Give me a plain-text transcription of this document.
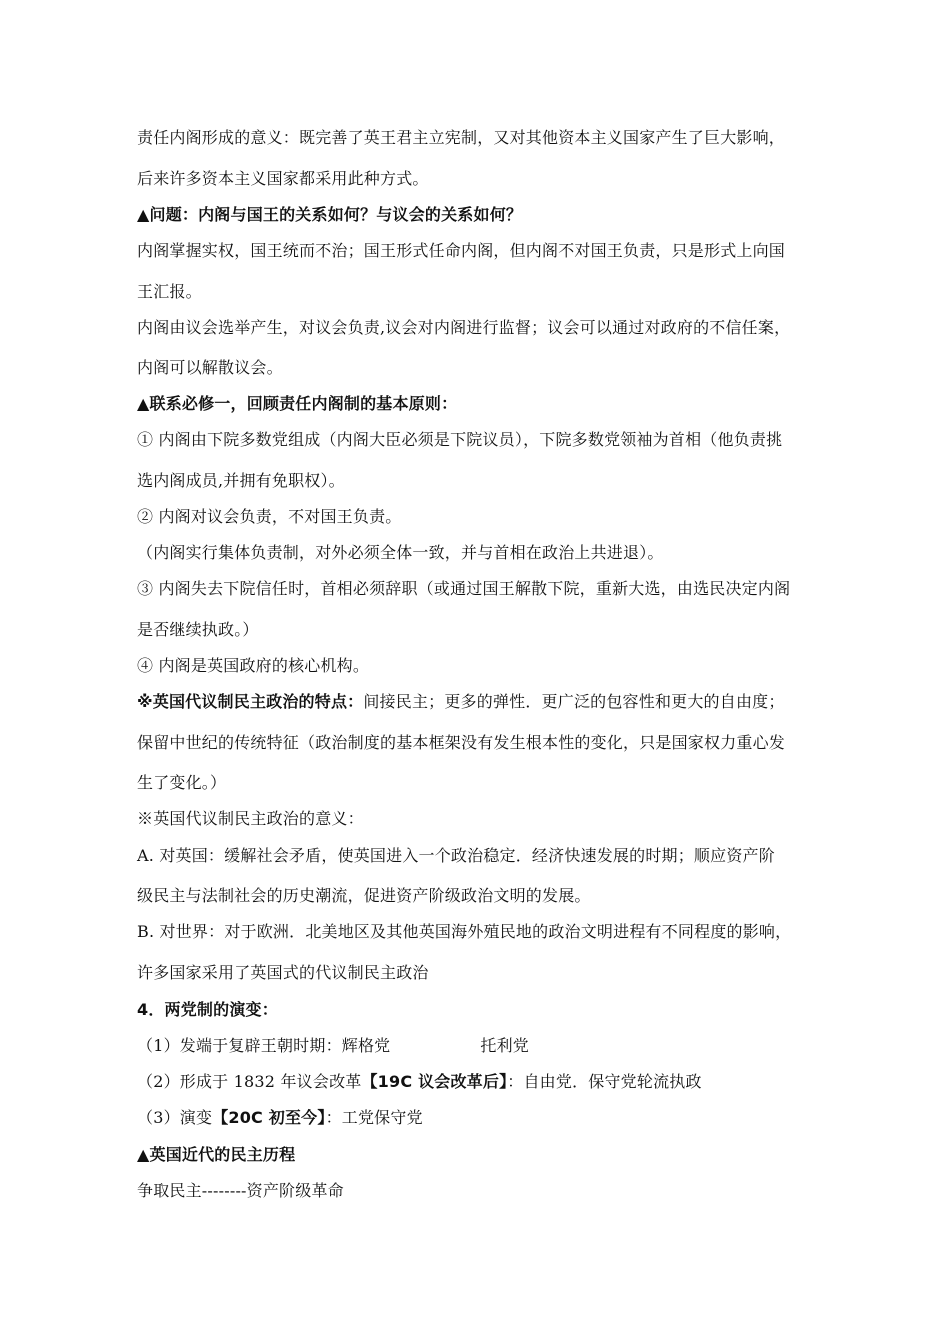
责任内阁形成的意义：既完善了英王君主立宪制，又对其他资本主义国家产生了巨大影响，
后来许多资本主义国家都采用此种方式。
▲问题：内阁与国王的关系如何？与议会的关系如何？
内阁掌握实权，国王统而不治；国王形式任命内阁，但内阁不对国王负责，只是形式上向国
王汇报。
内阁由议会选举产生，对议会负责,议会对内阁进行监督；议会可以通过对政府的不信任案，
内阁可以解散议会。
▲联系必修一，回顾责任内阁制的基本原则：
① 内阁由下院多数党组成（内阁大臣必须是下院议员），下院多数党领袖为首相（他负责挑
选内阁成员,并拥有免职权）。
② 内阁对议会负责，不对国王负责。
（内阁实行集体负责制，对外必须全体一致，并与首相在政治上共进退）。
③ 内阁失去下院信任时，首相必须辞职（或通过国王解散下院，重新大选，由选民决定内阁
是否继续执政。）
④ 内阁是英国政府的核心机构。
※英国代议制民主政治的特点：间接民主；更多的弹性．更广泛的包容性和更大的自由度；
保留中世纪的传统特征（政治制度的基本框架没有发生根本性的变化，只是国家权力重心发
生了变化。）
※英国代议制民主政治的意义：
A. 对英国：缓解社会矛盾，使英国进入一个政治稳定．经济快速发展的时期；顺应资产阶
级民主与法制社会的历史潮流，促进资产阶级政治文明的发展。
B. 对世界：对于欧洲．北美地区及其他英国海外殖民地的政治文明进程有不同程度的影响，
许多国家采用了英国式的代议制民主政治
4．两党制的演变：
（1）发端于复辟王朝时期：辉格党	托利党
（2）形成于 1832 年议会改革【19C 议会改革后】：自由党．保守党轮流执政
（3）演变【20C 初至今】：工党保守党
▲英国近代的民主历程
争取民主--------资产阶级革命
